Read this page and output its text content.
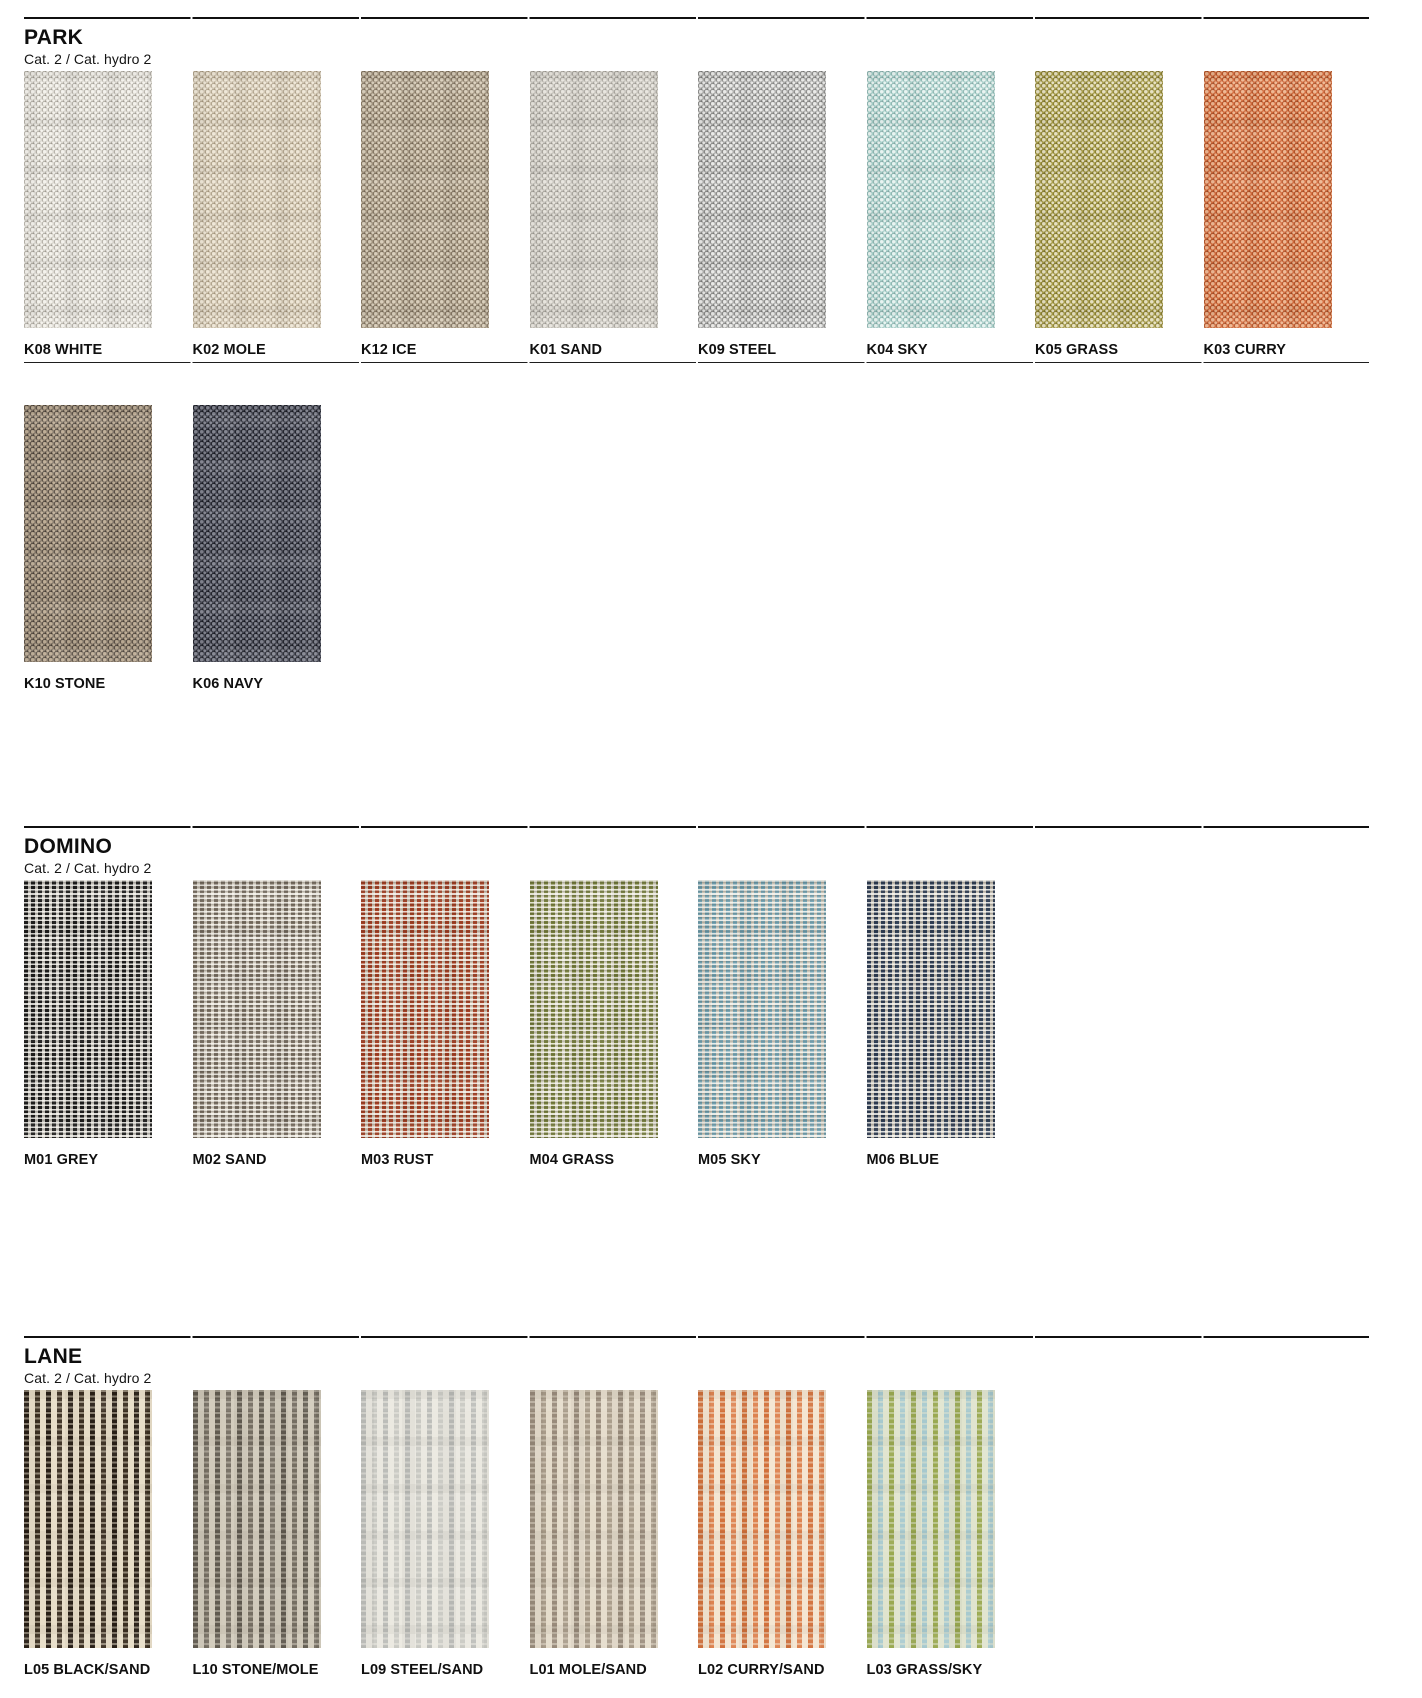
PARK

Cat. 2 / Cat. hydro 2

K08 WHITE	K02 MOLE	K12 ICE	K01 SAND	K09 STEEL	K04 SKY	K05 GRASS	K03 CURRY
K10 STONE	K06 NAVY
DOMINO

Cat. 2 / Cat. hydro 2

M01 GREY	M02 SAND	M03 RUST	M04 GRASS	M05 SKY	M06 BLUE
LANE

Cat. 2 / Cat. hydro 2

L05 BLACK/SAND	L10 STONE/MOLE	L09 STEEL/SAND	L01 MOLE/SAND	L02 CURRY/SAND	L03 GRASS/SKY
